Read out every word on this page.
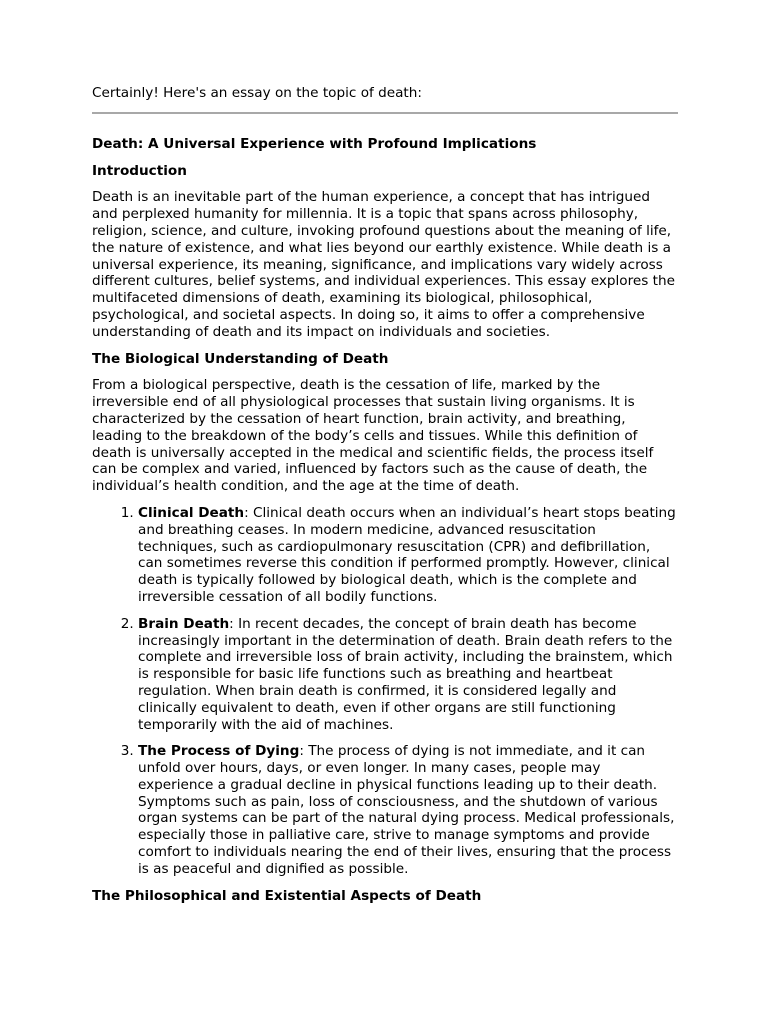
Certainly! Here's an essay on the topic of death:

Death: A Universal Experience with Profound Implications
Introduction

Death is an inevitable part of the human experience, a concept that has intrigued and perplexed humanity for millennia. It is a topic that spans across philosophy, religion, science, and culture, invoking profound questions about the meaning of life, the nature of existence, and what lies beyond our earthly existence. While death is a universal experience, its meaning, significance, and implications vary widely across different cultures, belief systems, and individual experiences. This essay explores the multifaceted dimensions of death, examining its biological, philosophical, psychological, and societal aspects. In doing so, it aims to offer a comprehensive understanding of death and its impact on individuals and societies.

The Biological Understanding of Death

From a biological perspective, death is the cessation of life, marked by the irreversible end of all physiological processes that sustain living organisms. It is characterized by the cessation of heart function, brain activity, and breathing, leading to the breakdown of the body’s cells and tissues. While this definition of death is universally accepted in the medical and scientific fields, the process itself can be complex and varied, influenced by factors such as the cause of death, the individual’s health condition, and the age at the time of death.

1. Clinical Death: Clinical death occurs when an individual’s heart stops beating and breathing ceases. In modern medicine, advanced resuscitation techniques, such as cardiopulmonary resuscitation (CPR) and defibrillation, can sometimes reverse this condition if performed promptly. However, clinical death is typically followed by biological death, which is the complete and irreversible cessation of all bodily functions.
2. Brain Death: In recent decades, the concept of brain death has become increasingly important in the determination of death. Brain death refers to the complete and irreversible loss of brain activity, including the brainstem, which is responsible for basic life functions such as breathing and heartbeat regulation. When brain death is confirmed, it is considered legally and clinically equivalent to death, even if other organs are still functioning temporarily with the aid of machines.
3. The Process of Dying: The process of dying is not immediate, and it can unfold over hours, days, or even longer. In many cases, people may experience a gradual decline in physical functions leading up to their death. Symptoms such as pain, loss of consciousness, and the shutdown of various organ systems can be part of the natural dying process. Medical professionals, especially those in palliative care, strive to manage symptoms and provide comfort to individuals nearing the end of their lives, ensuring that the process is as peaceful and dignified as possible.
The Philosophical and Existential Aspects of Death
